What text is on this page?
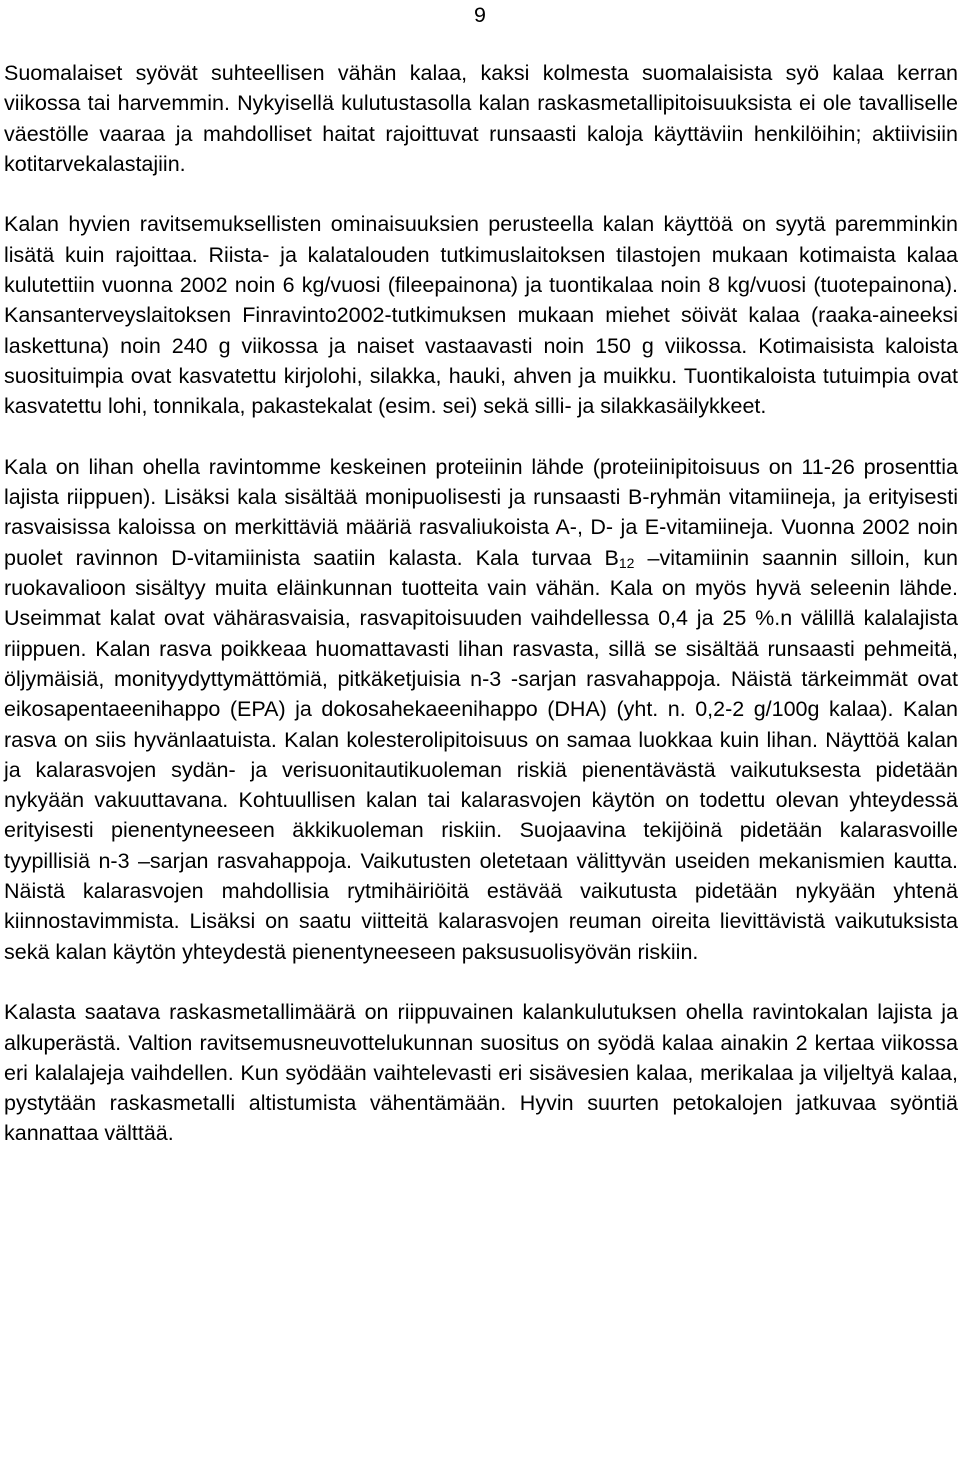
9

Suomalaiset syövät suhteellisen vähän kalaa, kaksi kolmesta suomalaisista syö kalaa kerran viikossa tai harvemmin. Nykyisellä kulutustasolla kalan raskasmetallipitoisuuksista ei ole tavalliselle väestölle vaaraa ja mahdolliset haitat rajoittuvat runsaasti kaloja käyttäviin henkilöihin; aktiivisiin kotitarvekalastajiin.

Kalan hyvien ravitsemuksellisten ominaisuuksien perusteella kalan käyttöä on syytä paremminkin lisätä kuin rajoittaa. Riista- ja kalatalouden tutkimuslaitoksen tilastojen mukaan kotimaista kalaa kulutettiin vuonna 2002 noin 6 kg/vuosi (fileepainona) ja tuontikalaa noin 8 kg/vuosi (tuotepainona). Kansanterveyslaitoksen Finravinto2002-tutkimuksen mukaan miehet söivät kalaa (raaka-aineeksi laskettuna) noin 240 g viikossa ja naiset vastaavasti noin 150 g viikossa. Kotimaisista kaloista suosituimpia ovat kasvatettu kirjolohi, silakka, hauki, ahven ja muikku. Tuontikaloista tutuimpia ovat kasvatettu lohi, tonnikala, pakastekalat (esim. sei) sekä silli- ja silakkasäilykkeet.

Kala on lihan ohella ravintomme keskeinen proteiinin lähde (proteiinipitoisuus on 11-26 prosenttia lajista riippuen). Lisäksi kala sisältää monipuolisesti ja runsaasti B-ryhmän vitamiineja, ja erityisesti rasvaisissa kaloissa on merkittäviä määriä rasvaliukoista A-, D- ja E-vitamiineja. Vuonna 2002 noin puolet ravinnon D-vitamiinista saatiin kalasta. Kala turvaa $B_{12}$ –vitamiinin saannin silloin, kun ruokavalioon sisältyy muita eläinkunnan tuotteita vain vähän. Kala on myös hyvä seleenin lähde. Useimmat kalat ovat vähärasvaisia, rasvapitoisuuden vaihdellessa 0,4 ja 25 %.n välillä kalalajista riippuen. Kalan rasva poikkeaa huomattavasti lihan rasvasta, sillä se sisältää runsaasti pehmeitä, öljymäisiä, monityydyttymättömiä, pitkäketjuisia n-3 -sarjan rasvahappoja. Näistä tärkeimmät ovat eikosapentaeenihappo (EPA) ja dokosahekaeenihappo (DHA) (yht. n. 0,2-2 g/100g kalaa). Kalan rasva on siis hyvänlaatuista. Kalan kolesterolipitoisuus on samaa luokkaa kuin lihan. Näyttöä kalan ja kalarasvojen sydän- ja verisuonitautikuoleman riskiä pienentävästä vaikutuksesta pidetään nykyään vakuuttavana. Kohtuullisen kalan tai kalarasvojen käytön on todettu olevan yhteydessä erityisesti pienentyneeseen äkkikuoleman riskiin. Suojaavina tekijöinä pidetään kalarasvoille tyypillisiä n-3 –sarjan rasvahappoja. Vaikutusten oletetaan välittyvän useiden mekanismien kautta. Näistä kalarasvojen mahdollisia rytmihäiriöitä estävää vaikutusta pidetään nykyään yhtenä kiinnostavimmista. Lisäksi on saatu viitteitä kalarasvojen reuman oireita lievittävistä vaikutuksista sekä kalan käytön yhteydestä pienentyneeseen paksusuolisyövän riskiin.

Kalasta saatava raskasmetallimäärä on riippuvainen kalankulutuksen ohella ravintokalan lajista ja alkuperästä. Valtion ravitsemusneuvottelukunnan suositus on syödä kalaa ainakin 2 kertaa viikossa eri kalalajeja vaihdellen. Kun syödään vaihtelevasti eri sisävesien kalaa, merikalaa ja viljeltyä kalaa, pystytään raskasmetalli altistumista vähentämään. Hyvin suurten petokalojen jatkuvaa syöntiä kannattaa välttää.
